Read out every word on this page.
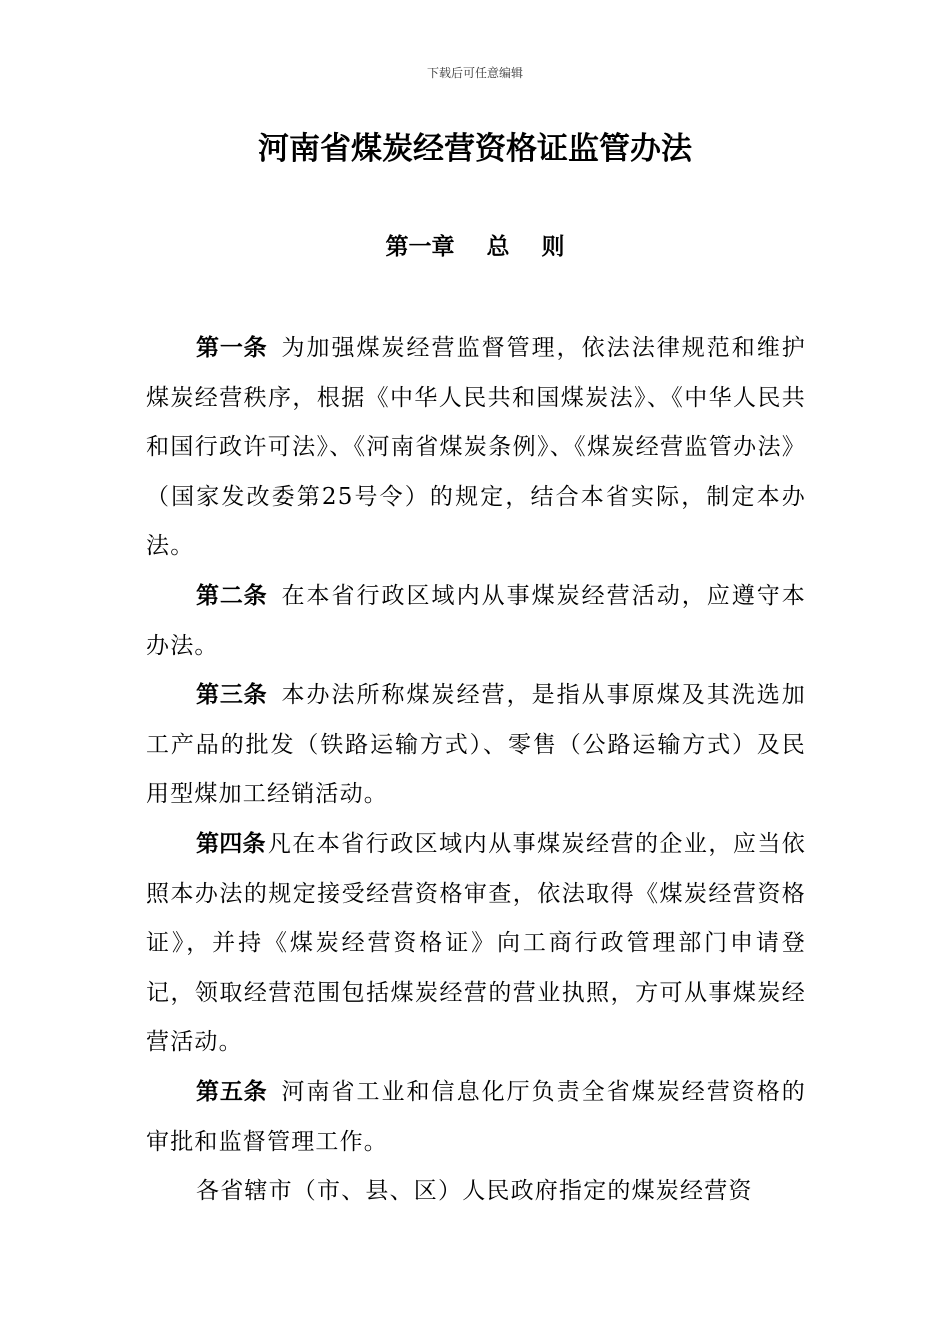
下载后可任意编辑
河南省煤炭经营资格证监管办法
第一章    总    则

第一条 为加强煤炭经营监督管理，依法法律规范和维护煤炭经营秩序，根据《中华人民共和国煤炭法》、《中华人民共和国行政许可法》、《河南省煤炭条例》、《煤炭经营监管办法》（国家发改委第25号令）的规定，结合本省实际，制定本办法。

第二条 在本省行政区域内从事煤炭经营活动，应遵守本办法。

第三条 本办法所称煤炭经营，是指从事原煤及其洗选加工产品的批发（铁路运输方式）、零售（公路运输方式）及民用型煤加工经销活动。

第四条凡在本省行政区域内从事煤炭经营的企业，应当依照本办法的规定接受经营资格审查，依法取得《煤炭经营资格证》，并持《煤炭经营资格证》向工商行政管理部门申请登记，领取经营范围包括煤炭经营的营业执照，方可从事煤炭经营活动。

第五条 河南省工业和信息化厅负责全省煤炭经营资格的审批和监督管理工作。

各省辖市（市、县、区）人民政府指定的煤炭经营资
